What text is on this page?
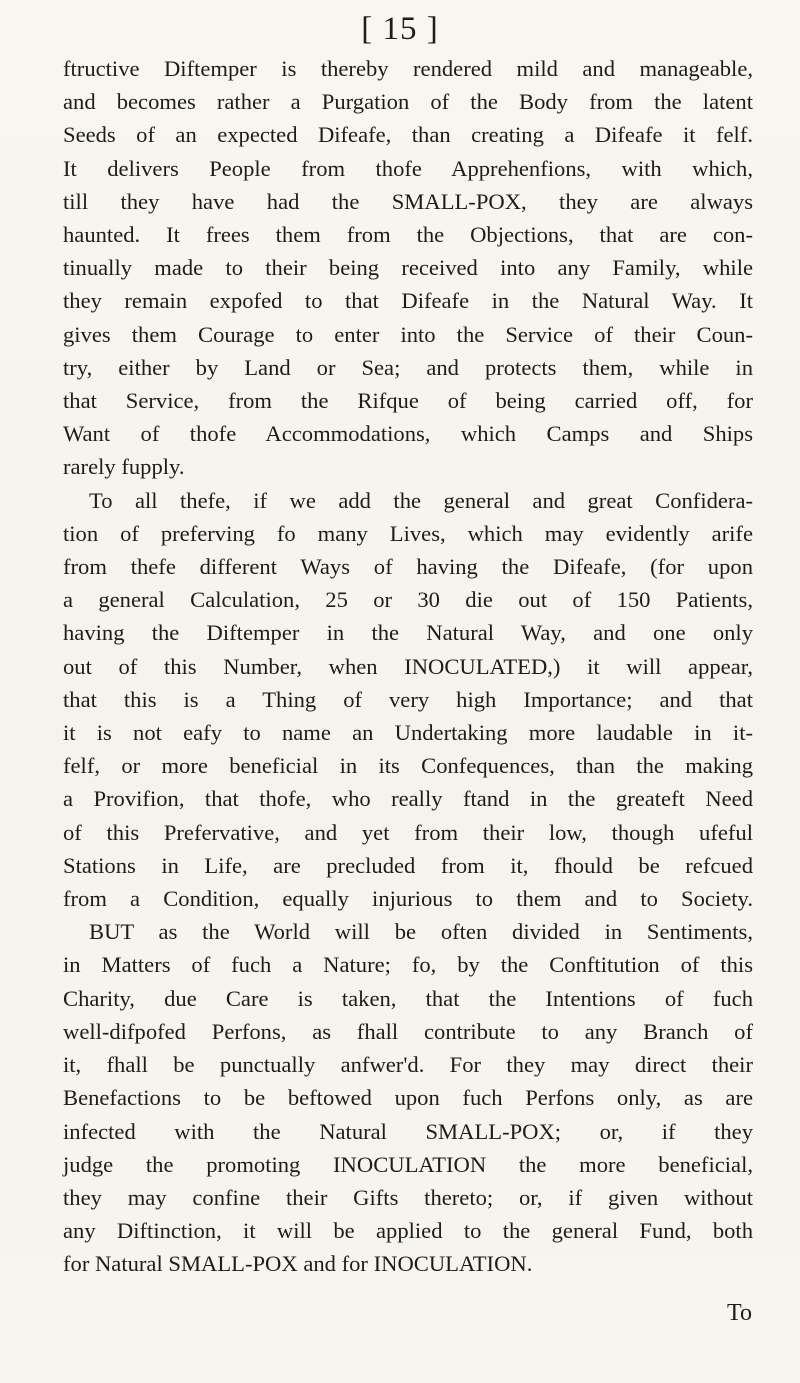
[ 15 ]
ftructive Diftemper is thereby rendered mild and manageable,
and becomes rather a Purgation of the Body from the latent
Seeds of an expected Difeafe, than creating a Difeafe it felf.
It delivers People from thofe Apprehenfions, with which,
till they have had the SMALL-POX, they are always
haunted. It frees them from the Objections, that are con-
tinually made to their being received into any Family, while
they remain expofed to that Difeafe in the Natural Way. It
gives them Courage to enter into the Service of their Coun-
try, either by Land or Sea; and protects them, while in
that Service, from the Rifque of being carried off, for
Want of thofe Accommodations, which Camps and Ships
rarely fupply.
To all thefe, if we add the general and great Confidera-
tion of preferving fo many Lives, which may evidently arife
from thefe different Ways of having the Difeafe, (for upon
a general Calculation, 25 or 30 die out of 150 Patients,
having the Diftemper in the Natural Way, and one only
out of this Number, when INOCULATED,) it will appear,
that this is a Thing of very high Importance; and that
it is not eafy to name an Undertaking more laudable in it-
felf, or more beneficial in its Confequences, than the making
a Provifion, that thofe, who really ftand in the greateft Need
of this Prefervative, and yet from their low, though ufeful
Stations in Life, are precluded from it, fhould be refcued
from a Condition, equally injurious to them and to Society.
BUT as the World will be often divided in Sentiments,
in Matters of fuch a Nature; fo, by the Conftitution of this
Charity, due Care is taken, that the Intentions of fuch
well-difpofed Perfons, as fhall contribute to any Branch of
it, fhall be punctually anfwer'd. For they may direct their
Benefactions to be beftowed upon fuch Perfons only, as are
infected with the Natural SMALL-POX; or, if they
judge the promoting INOCULATION the more beneficial,
they may confine their Gifts thereto; or, if given without
any Diftinction, it will be applied to the general Fund, both
for Natural SMALL-POX and for INOCULATION.
To
